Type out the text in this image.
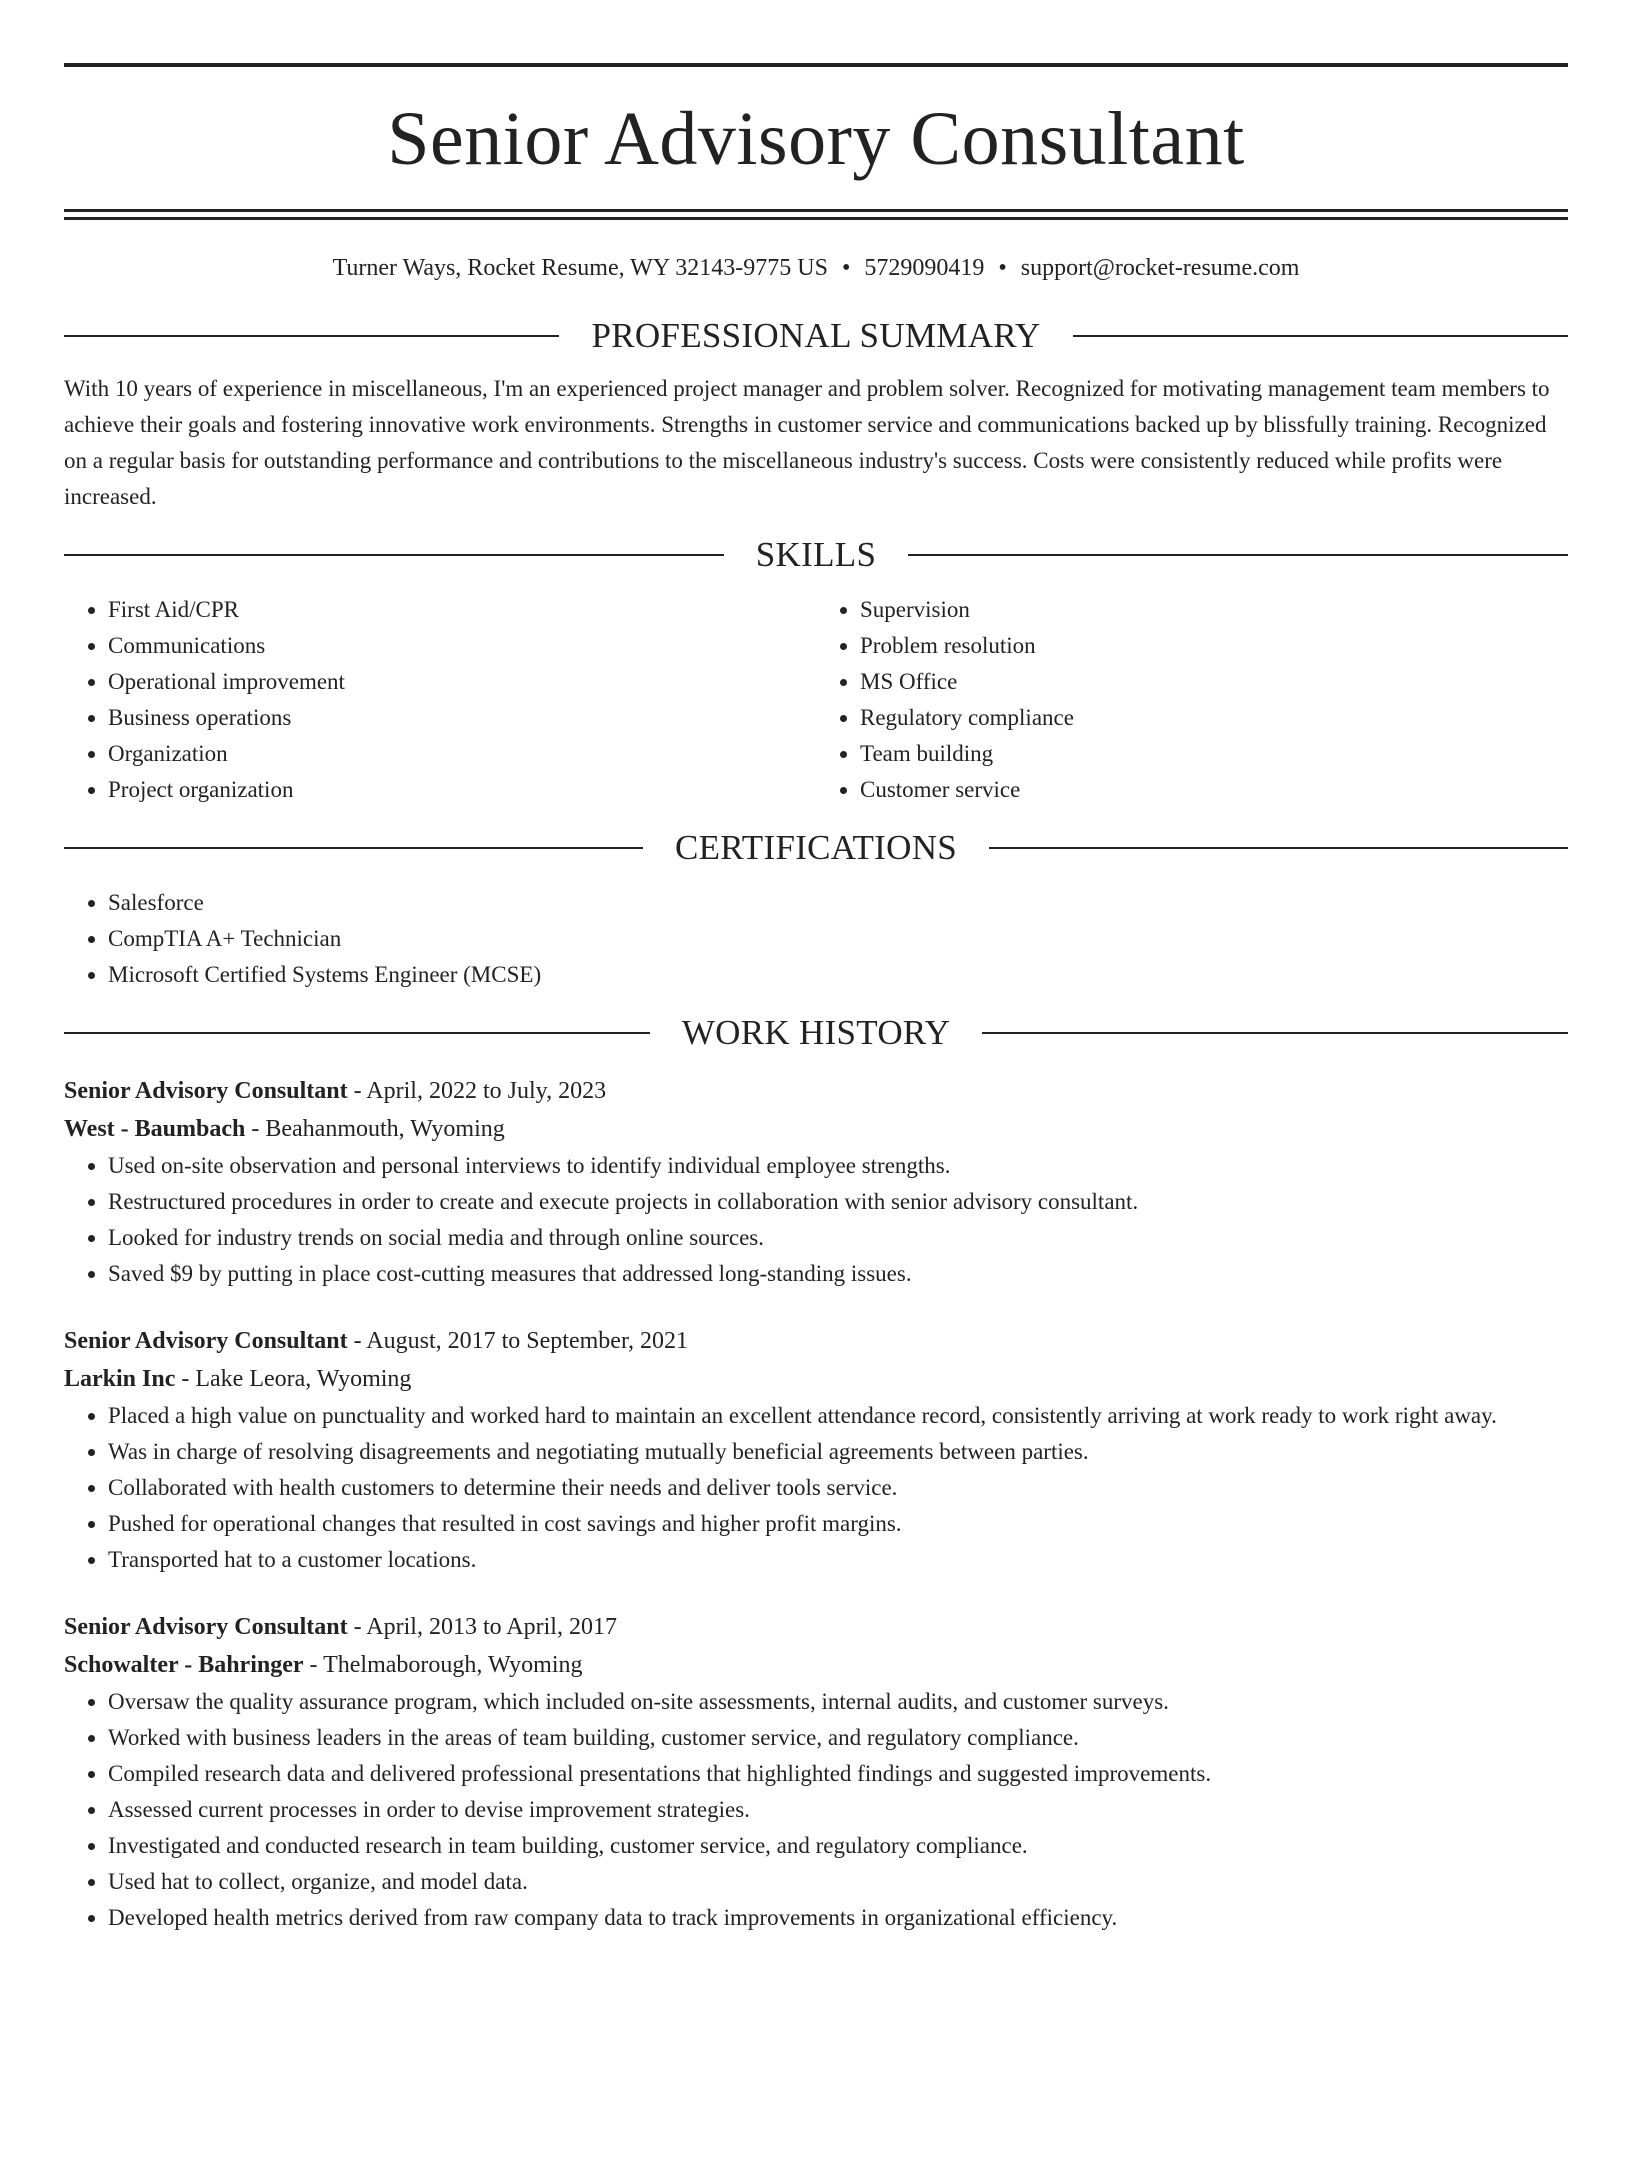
Senior Advisory Consultant
Turner Ways, Rocket Resume, WY 32143-9775 US • 5729090419 • support@rocket-resume.com
PROFESSIONAL SUMMARY

With 10 years of experience in miscellaneous, I'm an experienced project manager and problem solver. Recognized for motivating management team members to achieve their goals and fostering innovative work environments. Strengths in customer service and communications backed up by blissfully training. Recognized on a regular basis for outstanding performance and contributions to the miscellaneous industry's success. Costs were consistently reduced while profits were increased.

SKILLS
• First Aid/CPR
• Communications
• Operational improvement
• Business operations
• Organization
• Project organization
• Supervision
• Problem resolution
• MS Office
• Regulatory compliance
• Team building
• Customer service
CERTIFICATIONS
• Salesforce
• CompTIA A+ Technician
• Microsoft Certified Systems Engineer (MCSE)
WORK HISTORY
Senior Advisory Consultant - April, 2022 to July, 2023
West - Baumbach - Beahanmouth, Wyoming
• Used on-site observation and personal interviews to identify individual employee strengths.
• Restructured procedures in order to create and execute projects in collaboration with senior advisory consultant.
• Looked for industry trends on social media and through online sources.
• Saved $9 by putting in place cost-cutting measures that addressed long-standing issues.
Senior Advisory Consultant - August, 2017 to September, 2021
Larkin Inc - Lake Leora, Wyoming
• Placed a high value on punctuality and worked hard to maintain an excellent attendance record, consistently arriving at work ready to work right away.
• Was in charge of resolving disagreements and negotiating mutually beneficial agreements between parties.
• Collaborated with health customers to determine their needs and deliver tools service.
• Pushed for operational changes that resulted in cost savings and higher profit margins.
• Transported hat to a customer locations.
Senior Advisory Consultant - April, 2013 to April, 2017
Schowalter - Bahringer - Thelmaborough, Wyoming
• Oversaw the quality assurance program, which included on-site assessments, internal audits, and customer surveys.
• Worked with business leaders in the areas of team building, customer service, and regulatory compliance.
• Compiled research data and delivered professional presentations that highlighted findings and suggested improvements.
• Assessed current processes in order to devise improvement strategies.
• Investigated and conducted research in team building, customer service, and regulatory compliance.
• Used hat to collect, organize, and model data.
• Developed health metrics derived from raw company data to track improvements in organizational efficiency.
